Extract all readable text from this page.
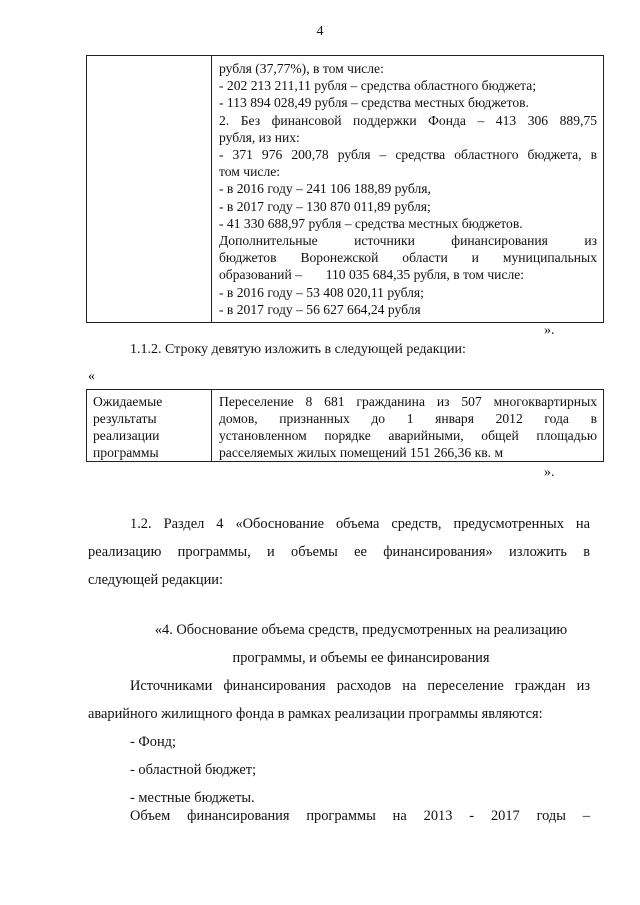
4
рубля (37,77%), в том числе:
- 202 213 211,11 рубля – средства областного бюджета;
- 113 894 028,49 рубля – средства местных бюджетов.
2. Без финансовой поддержки Фонда – 413 306 889,75
рубля, из них:
- 371 976 200,78 рубля – средства областного бюджета, в
том числе:
- в 2016 году – 241 106 188,89 рубля,
- в 2017 году – 130 870 011,89 рубля;
- 41 330 688,97 рубля – средства местных бюджетов.
Дополнительные источники финансирования из
бюджетов Воронежской области и муниципальных
образований –       110 035 684,35 рубля, в том числе:
- в 2016 году – 53 408 020,11 рубля;
- в 2017 году – 56 627 664,24 рубля
».
1.1.2. Строку девятую изложить в следующей редакции:
«
Ожидаемые
результаты
реализации
программы
Переселение 8 681 гражданина из 507 многоквартирных
домов, признанных до 1 января 2012 года в
установленном порядке аварийными, общей площадью
расселяемых жилых помещений 151 266,36 кв. м
».
1.2. Раздел 4 «Обоснование объема средств, предусмотренных на
реализацию программы, и объемы ее финансирования» изложить в
следующей редакции:
«4. Обоснование объема средств, предусмотренных на реализацию
программы, и объемы ее финансирования
Источниками финансирования расходов на переселение граждан из
аварийного жилищного фонда в рамках реализации программы являются:
- Фонд;
- областной бюджет;
- местные бюджеты.
Объем финансирования программы на 2013 - 2017 годы –
